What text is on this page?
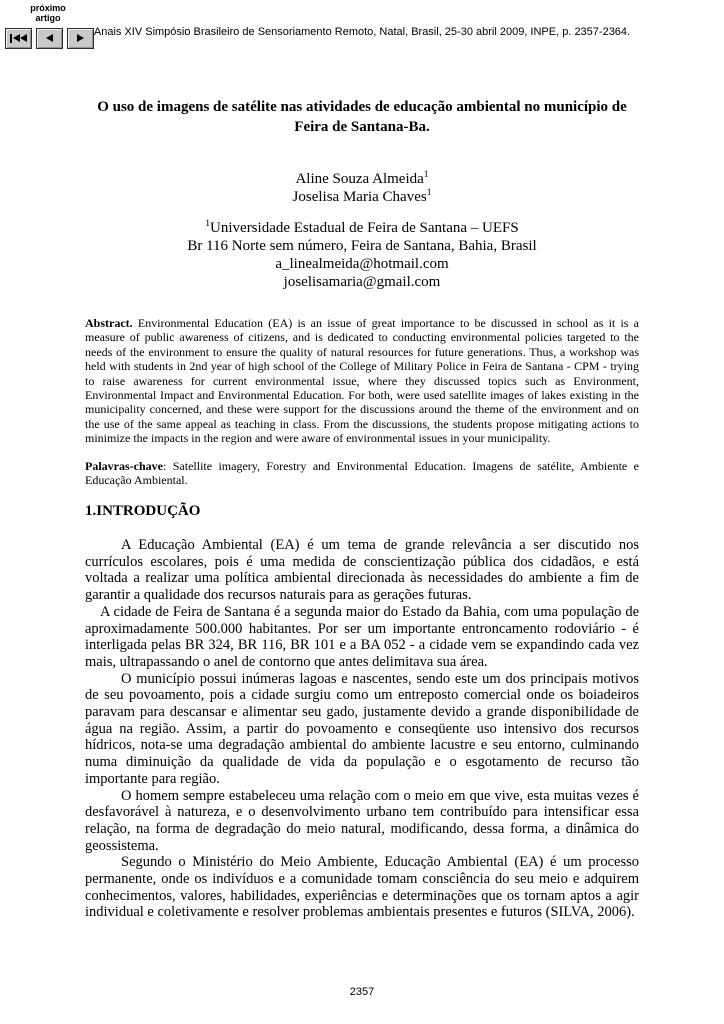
próximo
artigo
Anais XIV Simpósio Brasileiro de Sensoriamento Remoto, Natal, Brasil, 25-30 abril 2009, INPE, p. 2357-2364.
O uso de imagens de satélite nas atividades de educação ambiental no município de
Feira de Santana-Ba.
Aline Souza Almeida$^1$
Joselisa Maria Chaves$^1$
$^1$Universidade Estadual de Feira de Santana – UEFS
Br 116 Norte sem número, Feira de Santana, Bahia, Brasil
a_linealmeida@hotmail.com
joselisamaria@gmail.com

Abstract. Environmental Education (EA) is an issue of great importance to be discussed in school as it is a measure of public awareness of citizens, and is dedicated to conducting environmental policies targeted to the needs of the environment to ensure the quality of natural resources for future generations. Thus, a workshop was held with students in 2nd year of high school of the College of Military Police in Feira de Santana - CPM - trying to raise awareness for current environmental issue, where they discussed topics such as Environment, Environmental Impact and Environmental Education. For both, were used satellite images of lakes existing in the municipality concerned, and these were support for the discussions around the theme of the environment and on the use of the same appeal as teaching in class. From the discussions, the students propose mitigating actions to minimize the impacts in the region and were aware of environmental issues in your municipality.

Palavras-chave: Satellite imagery, Forestry and Environmental Education. Imagens de satélite, Ambiente e Educação Ambiental.

1.INTRODUÇÃO

A Educação Ambiental (EA) é um tema de grande relevância a ser discutido nos currículos escolares, pois é uma medida de conscientização pública dos cidadãos, e está voltada a realizar uma política ambiental direcionada às necessidades do ambiente a fim de garantir a qualidade dos recursos naturais para as gerações futuras.

A cidade de Feira de Santana é a segunda maior do Estado da Bahia, com uma população de aproximadamente 500.000 habitantes. Por ser um importante entroncamento rodoviário - é interligada pelas BR 324, BR 116, BR 101 e a BA 052 - a cidade vem se expandindo cada vez mais, ultrapassando o anel de contorno que antes delimitava sua área.

O município possui inúmeras lagoas e nascentes, sendo este um dos principais motivos de seu povoamento, pois a cidade surgiu como um entreposto comercial onde os boiadeiros paravam para descansar e alimentar seu gado, justamente devido a grande disponibilidade de água na região. Assim, a partir do povoamento e conseqüente uso intensivo dos recursos hídricos, nota-se uma degradação ambiental do ambiente lacustre e seu entorno, culminando numa diminuição da qualidade de vida da população e o esgotamento de recurso tão importante para região.

O homem sempre estabeleceu uma relação com o meio em que vive, esta muitas vezes é desfavorável à natureza, e o desenvolvimento urbano tem contribuído para intensificar essa relação, na forma de degradação do meio natural, modificando, dessa forma, a dinâmica do geossistema.

Segundo o Ministério do Meio Ambiente, Educação Ambiental (EA) é um processo permanente, onde os indivíduos e a comunidade tomam consciência do seu meio e adquirem conhecimentos, valores, habilidades, experiências e determinações que os tornam aptos a agir individual e coletivamente e resolver problemas ambientais presentes e futuros (SILVA, 2006).

2357
